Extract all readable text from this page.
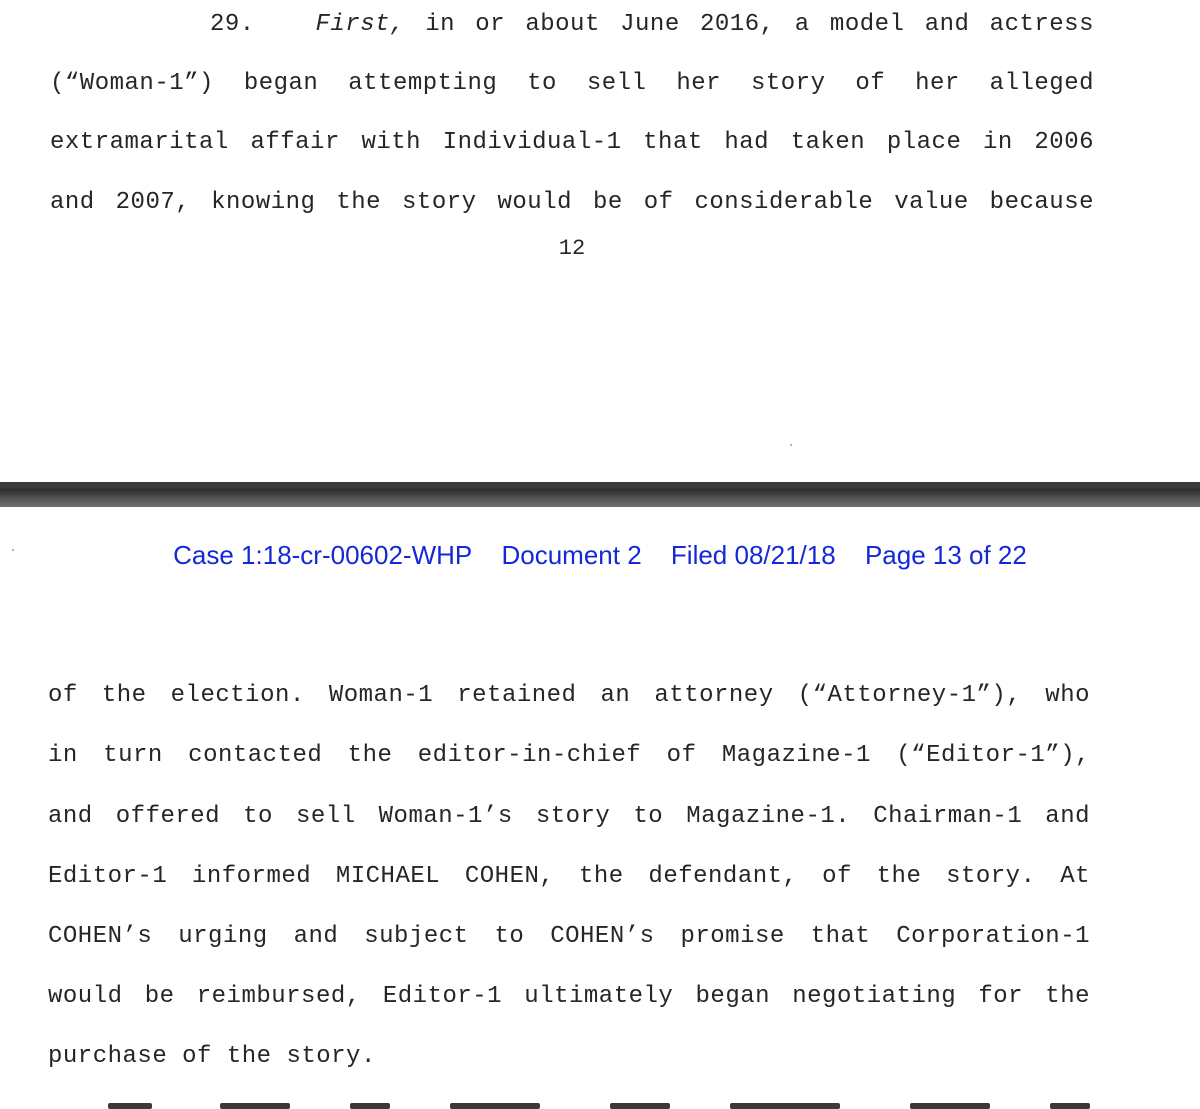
29.	First, in or about June 2016, a model and actress
(“Woman-1”) began attempting to sell her story of her alleged
extramarital affair with Individual-1 that had taken place in 2006
and 2007, knowing the story would be of considerable value because
12
Case 1:18-cr-00602-WHP Document 2 Filed 08/21/18 Page 13 of 22
of the election. Woman-1 retained an attorney (“Attorney-1”), who
in turn contacted the editor-in-chief of Magazine-1 (“Editor-1”),
and offered to sell Woman-1’s story to Magazine-1. Chairman-1 and
Editor-1 informed MICHAEL COHEN, the defendant, of the story. At
COHEN’s urging and subject to COHEN’s promise that Corporation-1
would be reimbursed, Editor-1 ultimately began negotiating for the
purchase of the story.
